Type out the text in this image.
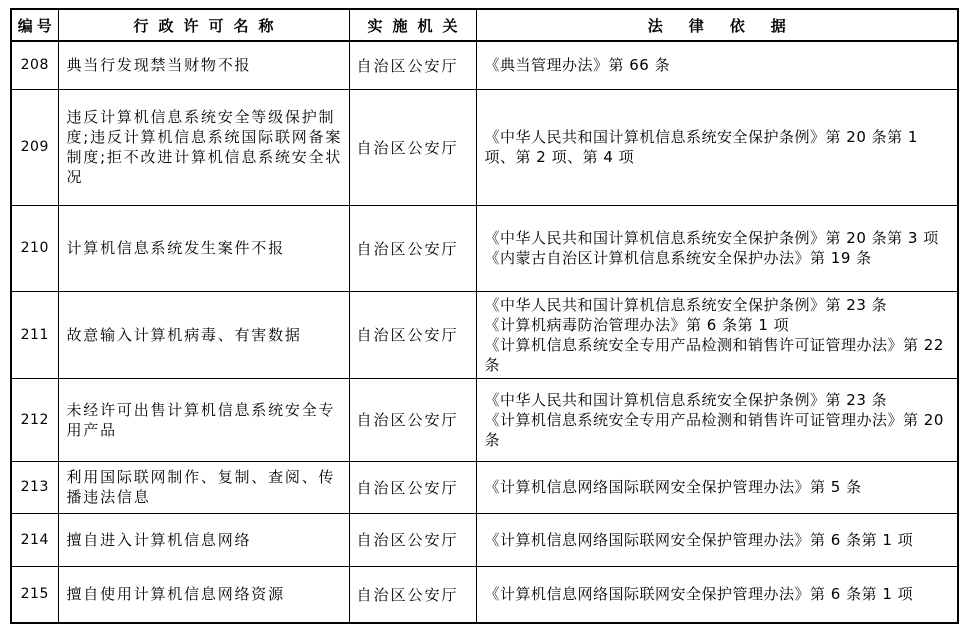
编号	行政许可名称	实施机关	法律依据
208	典当行发现禁当财物不报	自治区公安厅	《典当管理办法》第 66 条

209	违反计算机信息系统安全等级保护制度;违反计算机信息系统国际联网备案制度;拒不改进计算机信息系统安全状况	自治区公安厅	《中华人民共和国计算机信息系统安全保护条例》第 20 条第 1 项、第 2 项、第 4 项

210	计算机信息系统发生案件不报	自治区公安厅	《中华人民共和国计算机信息系统安全保护条例》第 20 条第 3 项
《内蒙古自治区计算机信息系统安全保护办法》第 19 条

211	故意输入计算机病毒、有害数据	自治区公安厅	《中华人民共和国计算机信息系统安全保护条例》第 23 条
《计算机病毒防治管理办法》第 6 条第 1 项
《计算机信息系统安全专用产品检测和销售许可证管理办法》第 22 条

212	未经许可出售计算机信息系统安全专用产品	自治区公安厅	《中华人民共和国计算机信息系统安全保护条例》第 23 条
《计算机信息系统安全专用产品检测和销售许可证管理办法》第 20 条

213	利用国际联网制作、复制、查阅、传播违法信息	自治区公安厅	《计算机信息网络国际联网安全保护管理办法》第 5 条

214	擅自进入计算机信息网络	自治区公安厅	《计算机信息网络国际联网安全保护管理办法》第 6 条第 1 项

215	擅自使用计算机信息网络资源	自治区公安厅	《计算机信息网络国际联网安全保护管理办法》第 6 条第 1 项
